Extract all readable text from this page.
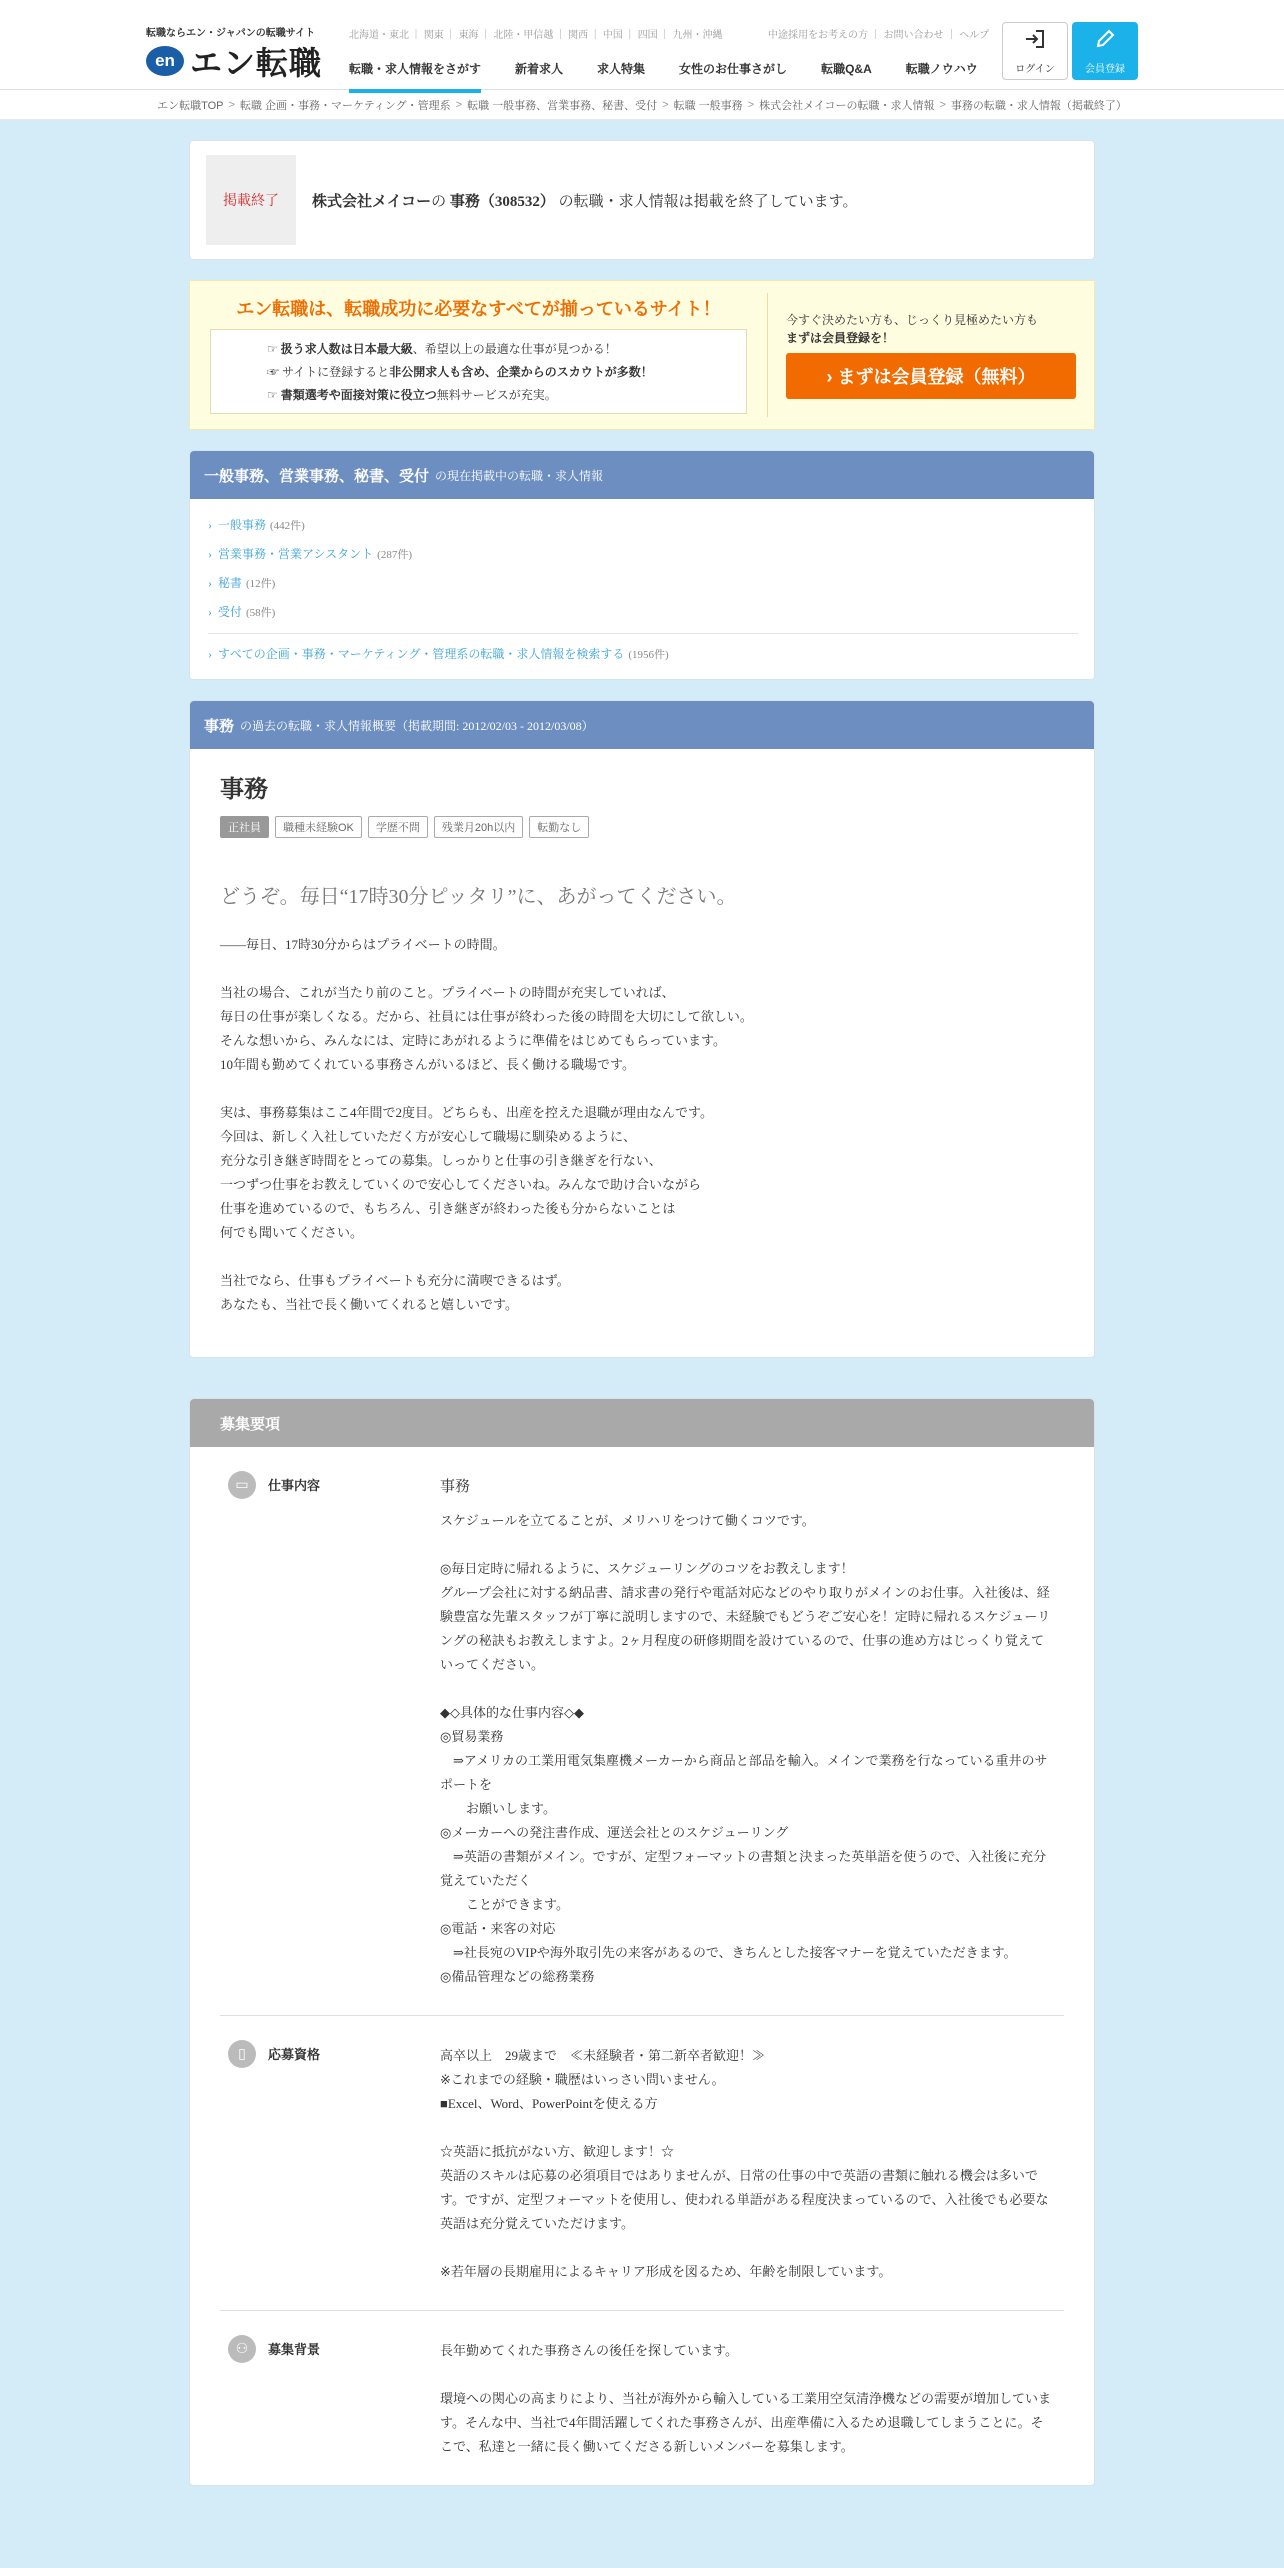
転職ならエン・ジャパンの転職サイト
en エン転職
北海道・東北 ｜ 関東 ｜ 東海 ｜ 北陸・甲信越 ｜ 関西 ｜ 中国 ｜ 四国 ｜ 九州・沖縄	中途採用をお考えの方 ｜ お問い合わせ ｜ ヘルプ
転職・求人情報をさがす	新着求人	求人特集	女性のお仕事さがし	転職Q&A	転職ノウハウ	ログイン	会員登録
エン転職TOP > 転職 企画・事務・マーケティング・管理系 > 転職 一般事務、営業事務、秘書、受付 > 転職 一般事務 > 株式会社メイコーの転職・求人情報 > 事務の転職・求人情報（掲載終了）
掲載終了	株式会社メイコーの 事務（308532） の転職・求人情報は掲載を終了しています。
エン転職は、転職成功に必要なすべてが揃っているサイト！
☞ 扱う求人数は日本最大級、希望以上の最適な仕事が見つかる！
☞ サイトに登録すると非公開求人も含め、企業からのスカウトが多数！
☞ 書類選考や面接対策に役立つ無料サービスが充実。
今すぐ決めたい方も、じっくり見極めたい方も
まずは会員登録を！
› まずは会員登録（無料）
一般事務、営業事務、秘書、受付 の現在掲載中の転職・求人情報
› 一般事務 (442件)
› 営業事務・営業アシスタント (287件)
› 秘書 (12件)
› 受付 (58件)
› すべての企画・事務・マーケティング・管理系の転職・求人情報を検索する (1956件)
事務 の過去の転職・求人情報概要（掲載期間: 2012/02/03 - 2012/03/08）
事務
正社員	職種未経験OK	学歴不問	残業月20h以内	転勤なし
どうぞ。毎日“17時30分ピッタリ”に、あがってください。
——毎日、17時30分からはプライベートの時間。

当社の場合、これが当たり前のこと。プライベートの時間が充実していれば、
毎日の仕事が楽しくなる。だから、社員には仕事が終わった後の時間を大切にして欲しい。
そんな想いから、みんなには、定時にあがれるように準備をはじめてもらっています。
10年間も勤めてくれている事務さんがいるほど、長く働ける職場です。

実は、事務募集はここ4年間で2度目。どちらも、出産を控えた退職が理由なんです。
今回は、新しく入社していただく方が安心して職場に馴染めるように、
充分な引き継ぎ時間をとっての募集。しっかりと仕事の引き継ぎを行ない、
一つずつ仕事をお教えしていくので安心してくださいね。みんなで助け合いながら
仕事を進めているので、もちろん、引き継ぎが終わった後も分からないことは
何でも聞いてください。

当社でなら、仕事もプライベートも充分に満喫できるはず。
あなたも、当社で長く働いてくれると嬉しいです。
募集要項
▭	仕事内容	事務
スケジュールを立てることが、メリハリをつけて働くコツです。

◎毎日定時に帰れるように、スケジューリングのコツをお教えします！
グループ会社に対する納品書、請求書の発行や電話対応などのやり取りがメインのお仕事。入社後は、経験豊富な先輩スタッフが丁寧に説明しますので、未経験でもどうぞご安心を！定時に帰れるスケジューリングの秘訣もお教えしますよ。2ヶ月程度の研修期間を設けているので、仕事の進め方はじっくり覚えていってください。

◆◇具体的な仕事内容◇◆
◎貿易業務
　⇒アメリカの工業用電気集塵機メーカーから商品と部品を輸入。メインで業務を行なっている重井のサポートを
　　お願いします。
◎メーカーへの発注書作成、運送会社とのスケジューリング
　⇒英語の書類がメイン。ですが、定型フォーマットの書類と決まった英単語を使うので、入社後に充分覚えていただく
　　ことができます。
◎電話・来客の対応
　⇒社長宛のVIPや海外取引先の来客があるので、きちんとした接客マナーを覚えていただきます。
◎備品管理などの総務業務
▯	応募資格	高卒以上　29歳まで　≪未経験者・第二新卒者歓迎！≫
※これまでの経験・職歴はいっさい問いません。
■Excel、Word、PowerPointを使える方

☆英語に抵抗がない方、歓迎します！☆
英語のスキルは応募の必須項目ではありませんが、日常の仕事の中で英語の書類に触れる機会は多いです。ですが、定型フォーマットを使用し、使われる単語がある程度決まっているので、入社後でも必要な英語は充分覚えていただけます。

※若年層の長期雇用によるキャリア形成を図るため、年齢を制限しています。
⚇	募集背景	長年勤めてくれた事務さんの後任を探しています。

環境への関心の高まりにより、当社が海外から輸入している工業用空気清浄機などの需要が増加しています。そんな中、当社で4年間活躍してくれた事務さんが、出産準備に入るため退職してしまうことに。そこで、私達と一緒に長く働いてくださる新しいメンバーを募集します。
